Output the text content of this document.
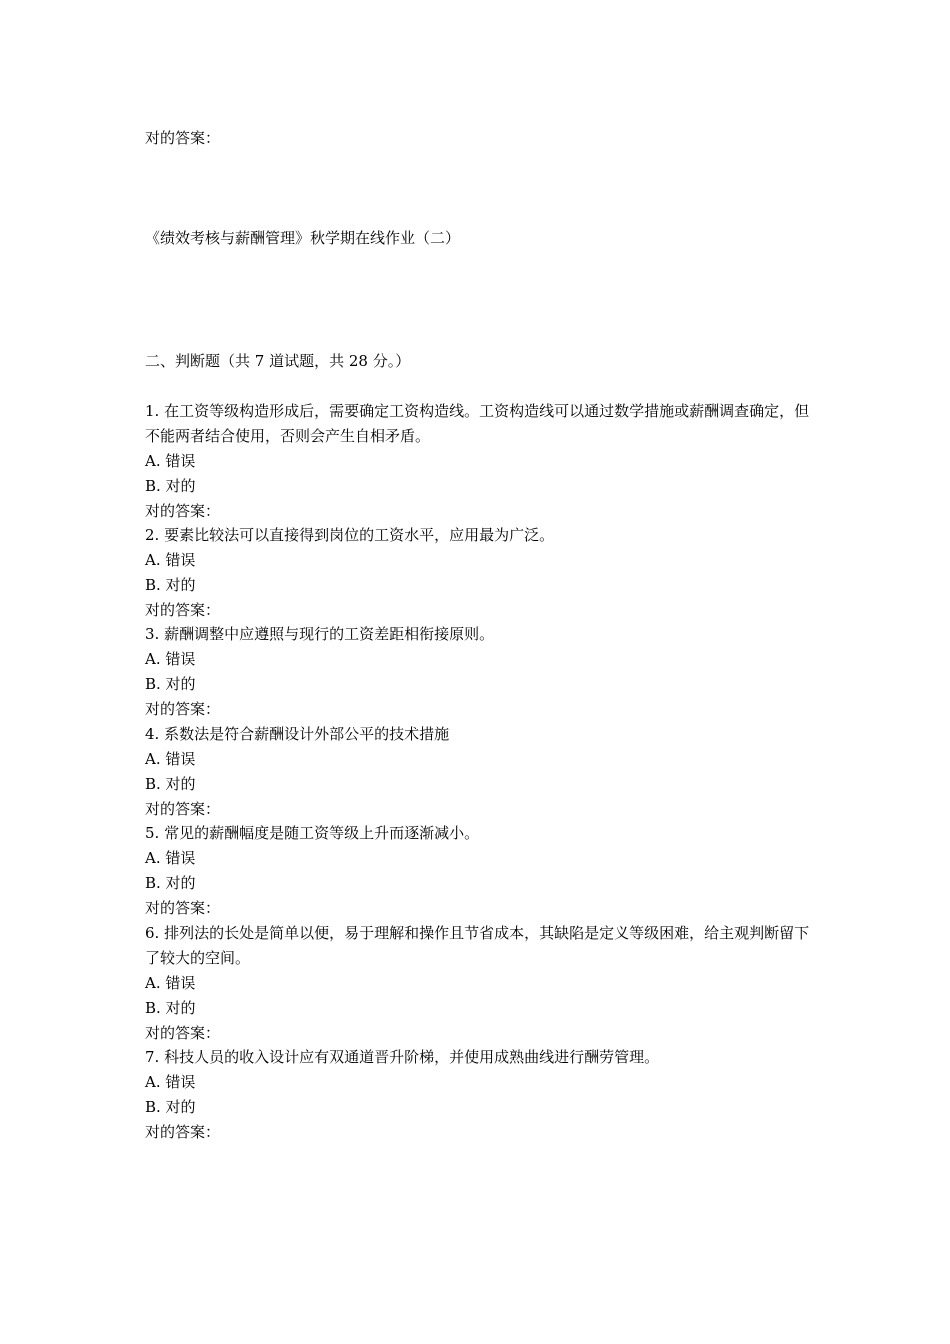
对的答案：
《绩效考核与薪酬管理》秋学期在线作业（二）
二、判断题（共 7 道试题，共 28 分。）
1. 在工资等级构造形成后，需要确定工资构造线。工资构造线可以通过数学措施或薪酬调查确定，但不能两者结合使用，否则会产生自相矛盾。
A. 错误
B. 对的
对的答案：
2. 要素比较法可以直接得到岗位的工资水平，应用最为广泛。
A. 错误
B. 对的
对的答案：
3. 薪酬调整中应遵照与现行的工资差距相衔接原则。
A. 错误
B. 对的
对的答案：
4. 系数法是符合薪酬设计外部公平的技术措施
A. 错误
B. 对的
对的答案：
5. 常见的薪酬幅度是随工资等级上升而逐渐减小。
A. 错误
B. 对的
对的答案：
6. 排列法的长处是简单以便，易于理解和操作且节省成本，其缺陷是定义等级困难，给主观判断留下了较大的空间。
A. 错误
B. 对的
对的答案：
7. 科技人员的收入设计应有双通道晋升阶梯，并使用成熟曲线进行酬劳管理。
A. 错误
B. 对的
对的答案：
